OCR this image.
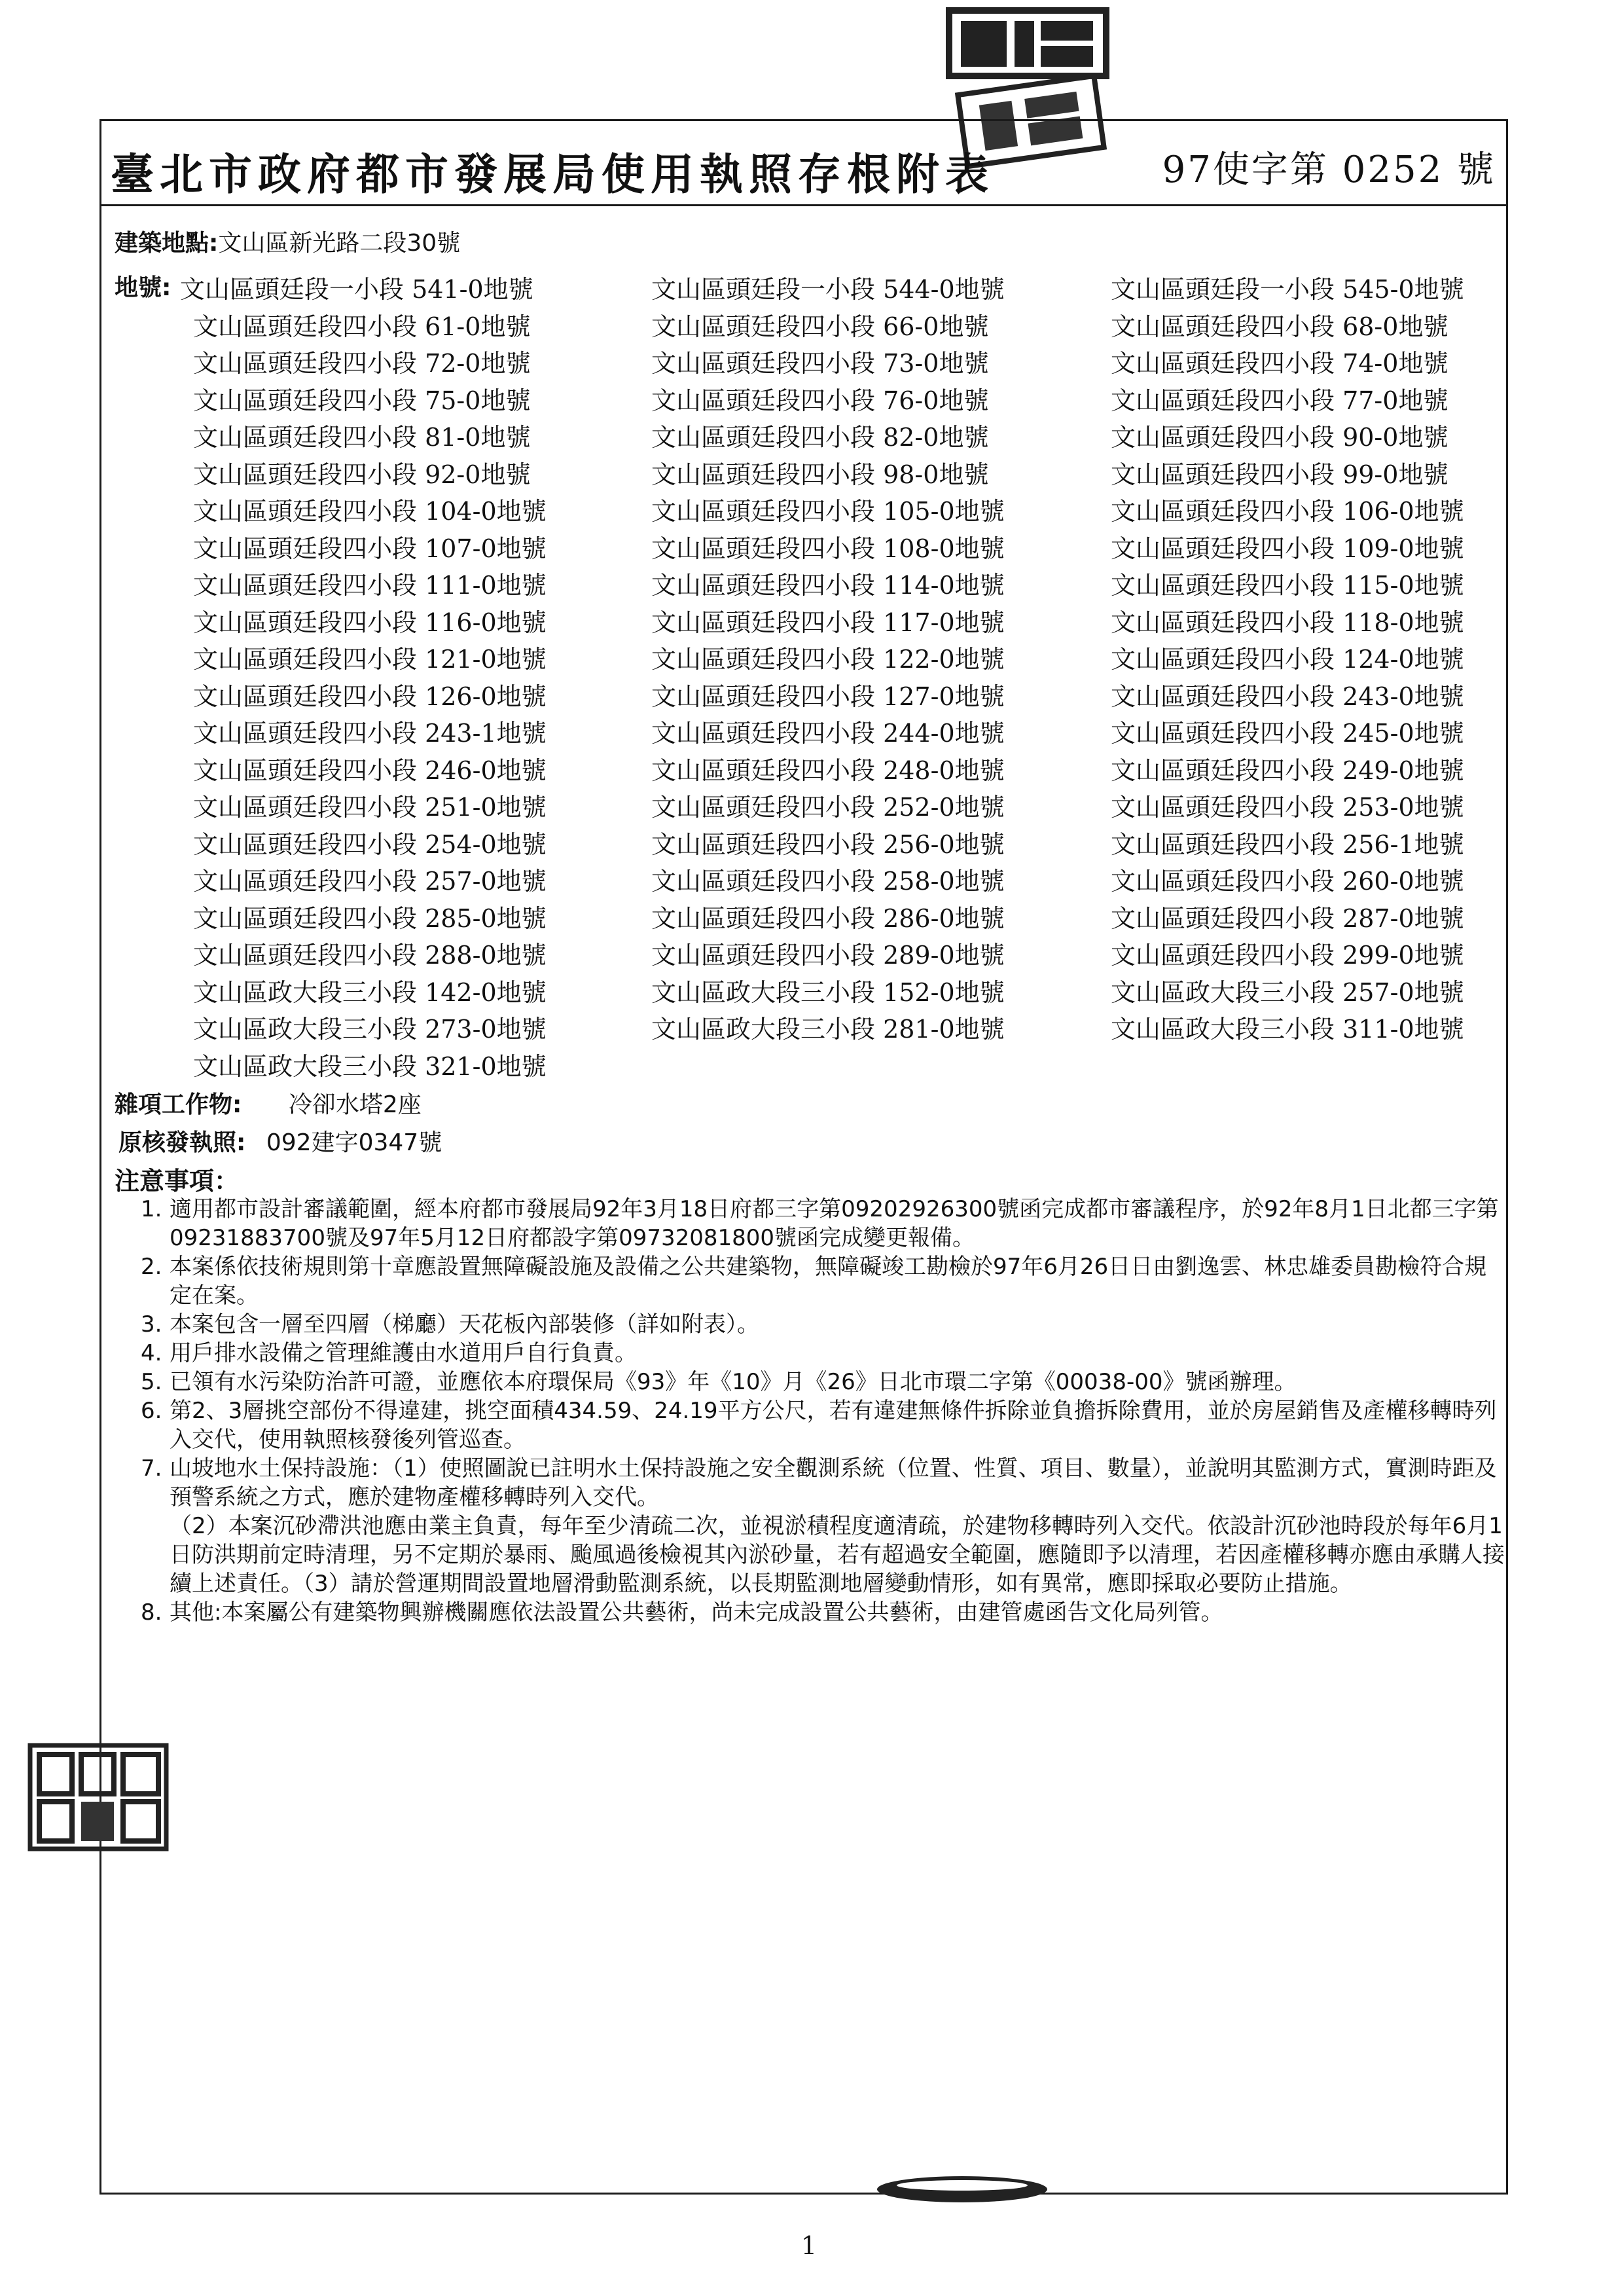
臺北市政府都市發展局使用執照存根附表	97使字第 0252 號
建築地點:文山區新光路二段30號
地號: 文山區頭廷段一小段 541-0地號	文山區頭廷段一小段 544-0地號	文山區頭廷段一小段 545-0地號
文山區頭廷段四小段 61-0地號	文山區頭廷段四小段 66-0地號	文山區頭廷段四小段 68-0地號
文山區頭廷段四小段 72-0地號	文山區頭廷段四小段 73-0地號	文山區頭廷段四小段 74-0地號
文山區頭廷段四小段 75-0地號	文山區頭廷段四小段 76-0地號	文山區頭廷段四小段 77-0地號
文山區頭廷段四小段 81-0地號	文山區頭廷段四小段 82-0地號	文山區頭廷段四小段 90-0地號
文山區頭廷段四小段 92-0地號	文山區頭廷段四小段 98-0地號	文山區頭廷段四小段 99-0地號
文山區頭廷段四小段 104-0地號	文山區頭廷段四小段 105-0地號	文山區頭廷段四小段 106-0地號
文山區頭廷段四小段 107-0地號	文山區頭廷段四小段 108-0地號	文山區頭廷段四小段 109-0地號
文山區頭廷段四小段 111-0地號	文山區頭廷段四小段 114-0地號	文山區頭廷段四小段 115-0地號
文山區頭廷段四小段 116-0地號	文山區頭廷段四小段 117-0地號	文山區頭廷段四小段 118-0地號
文山區頭廷段四小段 121-0地號	文山區頭廷段四小段 122-0地號	文山區頭廷段四小段 124-0地號
文山區頭廷段四小段 126-0地號	文山區頭廷段四小段 127-0地號	文山區頭廷段四小段 243-0地號
文山區頭廷段四小段 243-1地號	文山區頭廷段四小段 244-0地號	文山區頭廷段四小段 245-0地號
文山區頭廷段四小段 246-0地號	文山區頭廷段四小段 248-0地號	文山區頭廷段四小段 249-0地號
文山區頭廷段四小段 251-0地號	文山區頭廷段四小段 252-0地號	文山區頭廷段四小段 253-0地號
文山區頭廷段四小段 254-0地號	文山區頭廷段四小段 256-0地號	文山區頭廷段四小段 256-1地號
文山區頭廷段四小段 257-0地號	文山區頭廷段四小段 258-0地號	文山區頭廷段四小段 260-0地號
文山區頭廷段四小段 285-0地號	文山區頭廷段四小段 286-0地號	文山區頭廷段四小段 287-0地號
文山區頭廷段四小段 288-0地號	文山區頭廷段四小段 289-0地號	文山區頭廷段四小段 299-0地號
文山區政大段三小段 142-0地號	文山區政大段三小段 152-0地號	文山區政大段三小段 257-0地號
文山區政大段三小段 273-0地號	文山區政大段三小段 281-0地號	文山區政大段三小段 311-0地號
文山區政大段三小段 321-0地號
雜項工作物: 冷卻水塔2座
原核發執照: 092建字0347號
注意事項：
1. 適用都市設計審議範圍，經本府都市發展局92年3月18日府都三字第09202926300號函完成都市審議程序，於92年8月1日北都三字第09231883700號及97年5月12日府都設字第09732081800號函完成變更報備。
2. 本案係依技術規則第十章應設置無障礙設施及設備之公共建築物，無障礙竣工勘檢於97年6月26日日由劉逸雲、林忠雄委員勘檢符合規定在案。
3. 本案包含一層至四層（梯廳）天花板內部裝修（詳如附表）。
4. 用戶排水設備之管理維護由水道用戶自行負責。
5. 已領有水污染防治許可證，並應依本府環保局《93》年《10》月《26》日北市環二字第《00038-00》號函辦理。
6. 第2、3層挑空部份不得違建，挑空面積434.59、24.19平方公尺，若有違建無條件拆除並負擔拆除費用，並於房屋銷售及產權移轉時列入交代，使用執照核發後列管巡查。
7. 山坡地水土保持設施：（1）使照圖說已註明水土保持設施之安全觀測系統（位置、性質、項目、數量），並說明其監測方式，實測時距及預警系統之方式，應於建物產權移轉時列入交代。
（2）本案沉砂滯洪池應由業主負責，每年至少清疏二次，並視淤積程度適清疏，於建物移轉時列入交代。依設計沉砂池時段於每年6月1日防洪期前定時清理，另不定期於暴雨、颱風過後檢視其內淤砂量，若有超過安全範圍，應隨即予以清理，若因產權移轉亦應由承購人接續上述責任。（3）請於營運期間設置地層滑動監測系統，以長期監測地層變動情形，如有異常，應即採取必要防止措施。
8. 其他:本案屬公有建築物興辦機關應依法設置公共藝術，尚未完成設置公共藝術，由建管處函告文化局列管。
1
